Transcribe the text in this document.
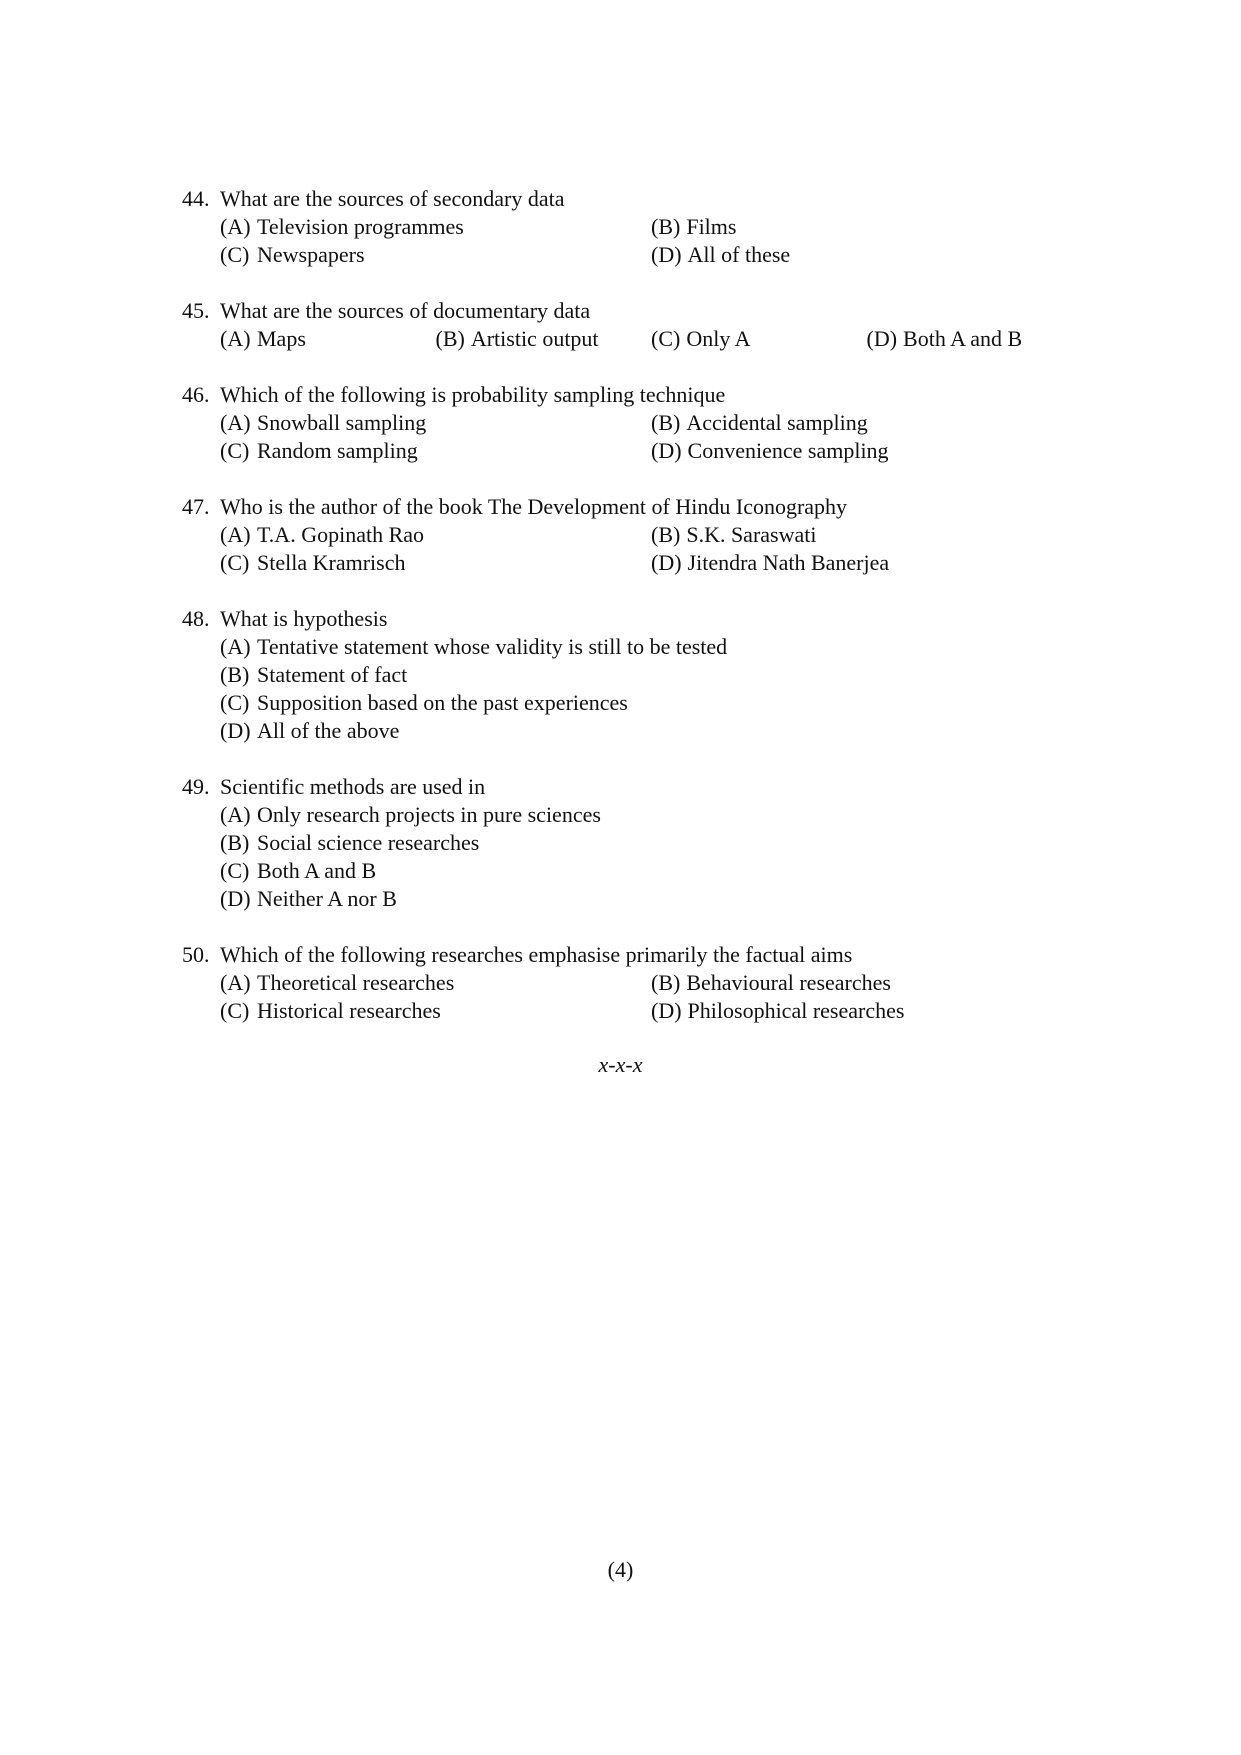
44. What are the sources of secondary data
(A) Television programmes	(B) Films
(C) Newspapers	(D) All of these
45. What are the sources of documentary data
(A) Maps	(B) Artistic output (C) Only A	(D) Both A and B
46. Which of the following is probability sampling technique
(A) Snowball sampling	(B) Accidental sampling
(C) Random sampling	(D) Convenience sampling
47. Who is the author of the book The Development of Hindu Iconography
(A) T.A. Gopinath Rao	(B) S.K. Saraswati
(C) Stella Kramrisch	(D) Jitendra Nath Banerjea
48. What is hypothesis
(A) Tentative statement whose validity is still to be tested
(B) Statement of fact
(C) Supposition based on the past experiences
(D) All of the above
49. Scientific methods are used in
(A) Only research projects in pure sciences
(B) Social science researches
(C) Both A and B
(D) Neither A nor B
50. Which of the following researches emphasise primarily the factual aims
(A) Theoretical researches	(B) Behavioural researches
(C) Historical researches	(D) Philosophical researches
x-x-x
(4)
